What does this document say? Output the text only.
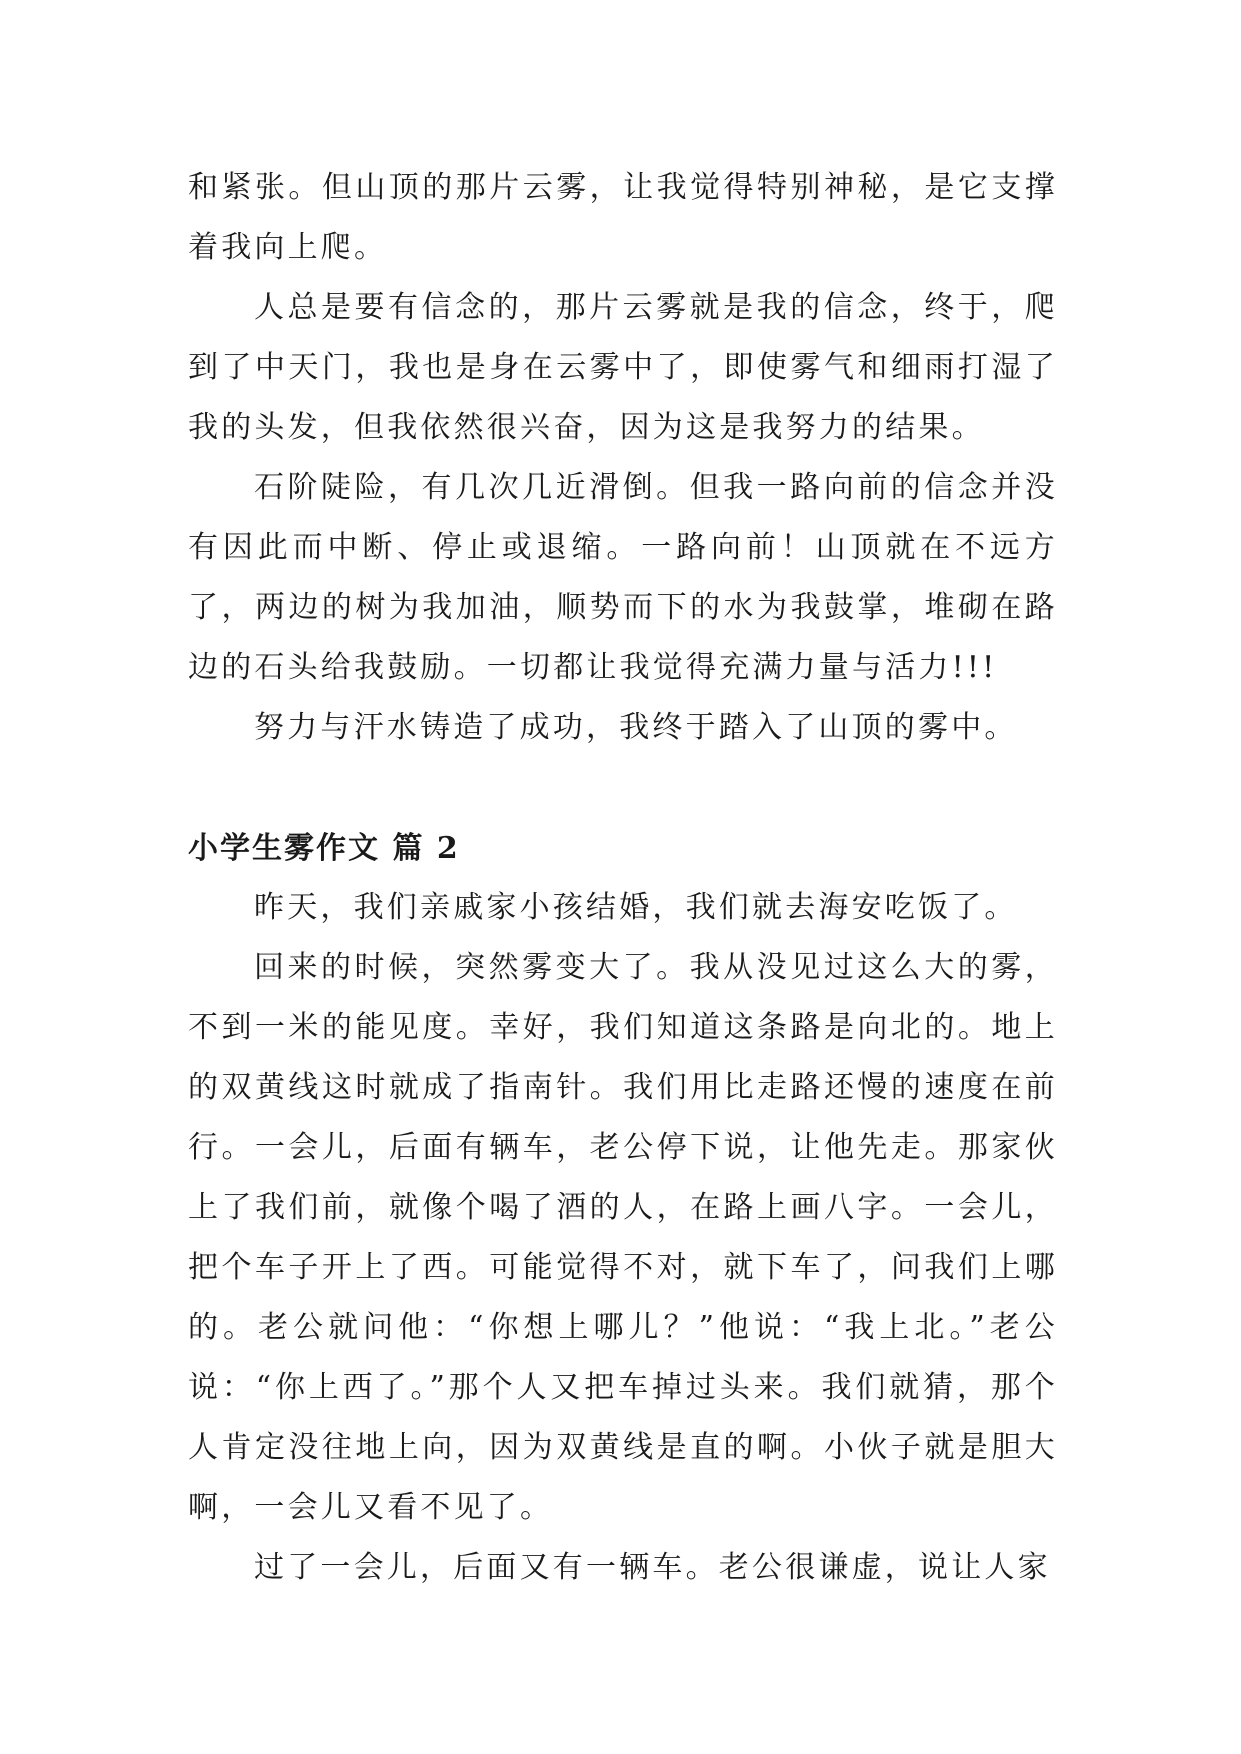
和紧张。但山顶的那片云雾，让我觉得特别神秘，是它支撑着我向上爬。

人总是要有信念的，那片云雾就是我的信念，终于，爬到了中天门，我也是身在云雾中了，即使雾气和细雨打湿了我的头发，但我依然很兴奋，因为这是我努力的结果。

石阶陡险，有几次几近滑倒。但我一路向前的信念并没有因此而中断、停止或退缩。一路向前！山顶就在不远方了，两边的树为我加油，顺势而下的水为我鼓掌，堆砌在路边的石头给我鼓励。一切都让我觉得充满力量与活力!!!

努力与汗水铸造了成功，我终于踏入了山顶的雾中。

小学生雾作文 篇 2

昨天，我们亲戚家小孩结婚，我们就去海安吃饭了。

回来的时候，突然雾变大了。我从没见过这么大的雾，不到一米的能见度。幸好，我们知道这条路是向北的。地上的双黄线这时就成了指南针。我们用比走路还慢的速度在前行。一会儿，后面有辆车，老公停下说，让他先走。那家伙上了我们前，就像个喝了酒的人，在路上画八字。一会儿，把个车子开上了西。可能觉得不对，就下车了，问我们上哪的。老公就问他：“你想上哪儿？”他说：“我上北。”老公说：“你上西了。”那个人又把车掉过头来。我们就猜，那个人肯定没往地上向，因为双黄线是直的啊。小伙子就是胆大啊，一会儿又看不见了。

过了一会儿，后面又有一辆车。老公很谦虚，说让人家
